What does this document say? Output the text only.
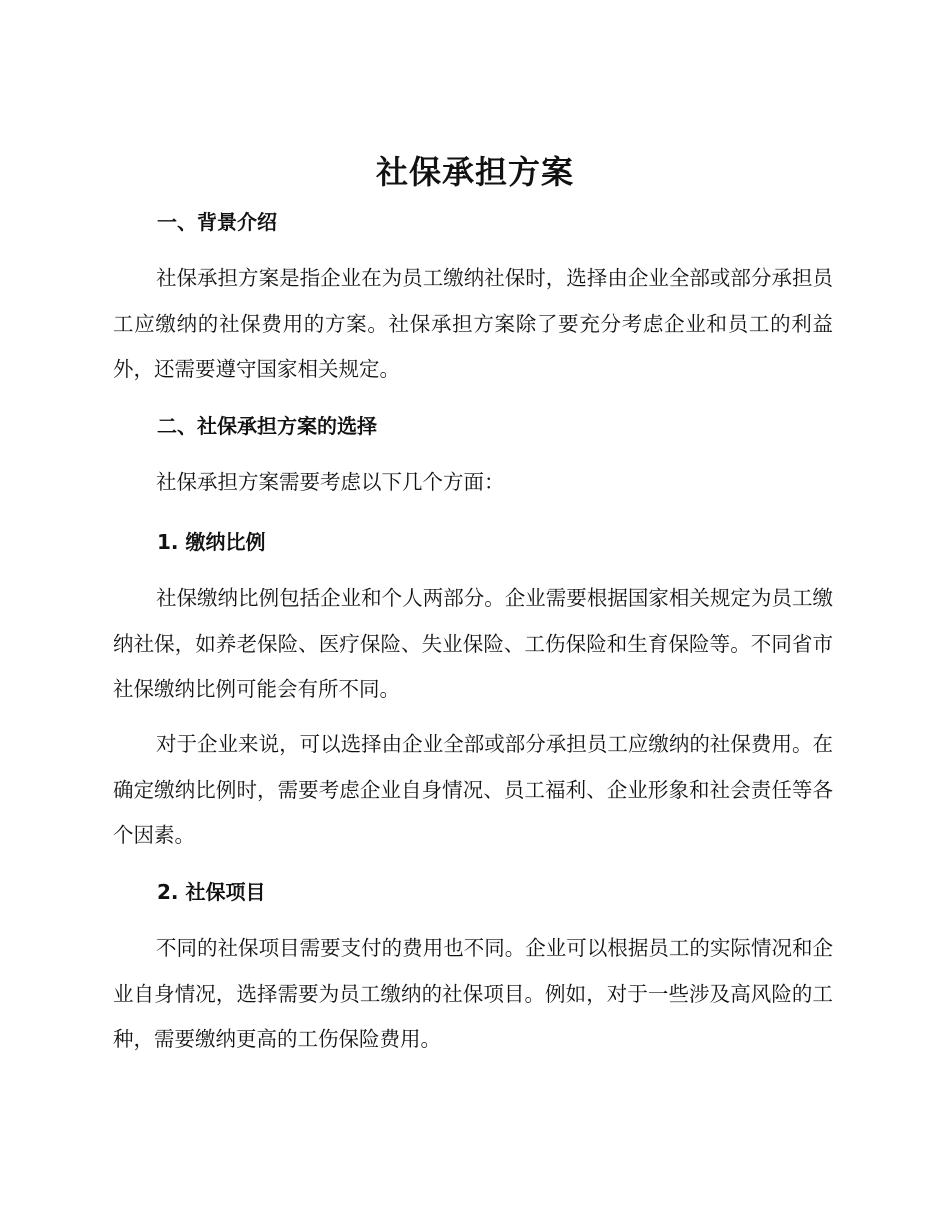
社保承担方案
一、背景介绍
社保承担方案是指企业在为员工缴纳社保时，选择由企业全部或部分承担员工应缴纳的社保费用的方案。社保承担方案除了要充分考虑企业和员工的利益外，还需要遵守国家相关规定。
二、社保承担方案的选择
社保承担方案需要考虑以下几个方面：
1. 缴纳比例
社保缴纳比例包括企业和个人两部分。企业需要根据国家相关规定为员工缴纳社保，如养老保险、医疗保险、失业保险、工伤保险和生育保险等。不同省市社保缴纳比例可能会有所不同。
对于企业来说，可以选择由企业全部或部分承担员工应缴纳的社保费用。在确定缴纳比例时，需要考虑企业自身情况、员工福利、企业形象和社会责任等各个因素。
2. 社保项目
不同的社保项目需要支付的费用也不同。企业可以根据员工的实际情况和企业自身情况，选择需要为员工缴纳的社保项目。例如，对于一些涉及高风险的工种，需要缴纳更高的工伤保险费用。
